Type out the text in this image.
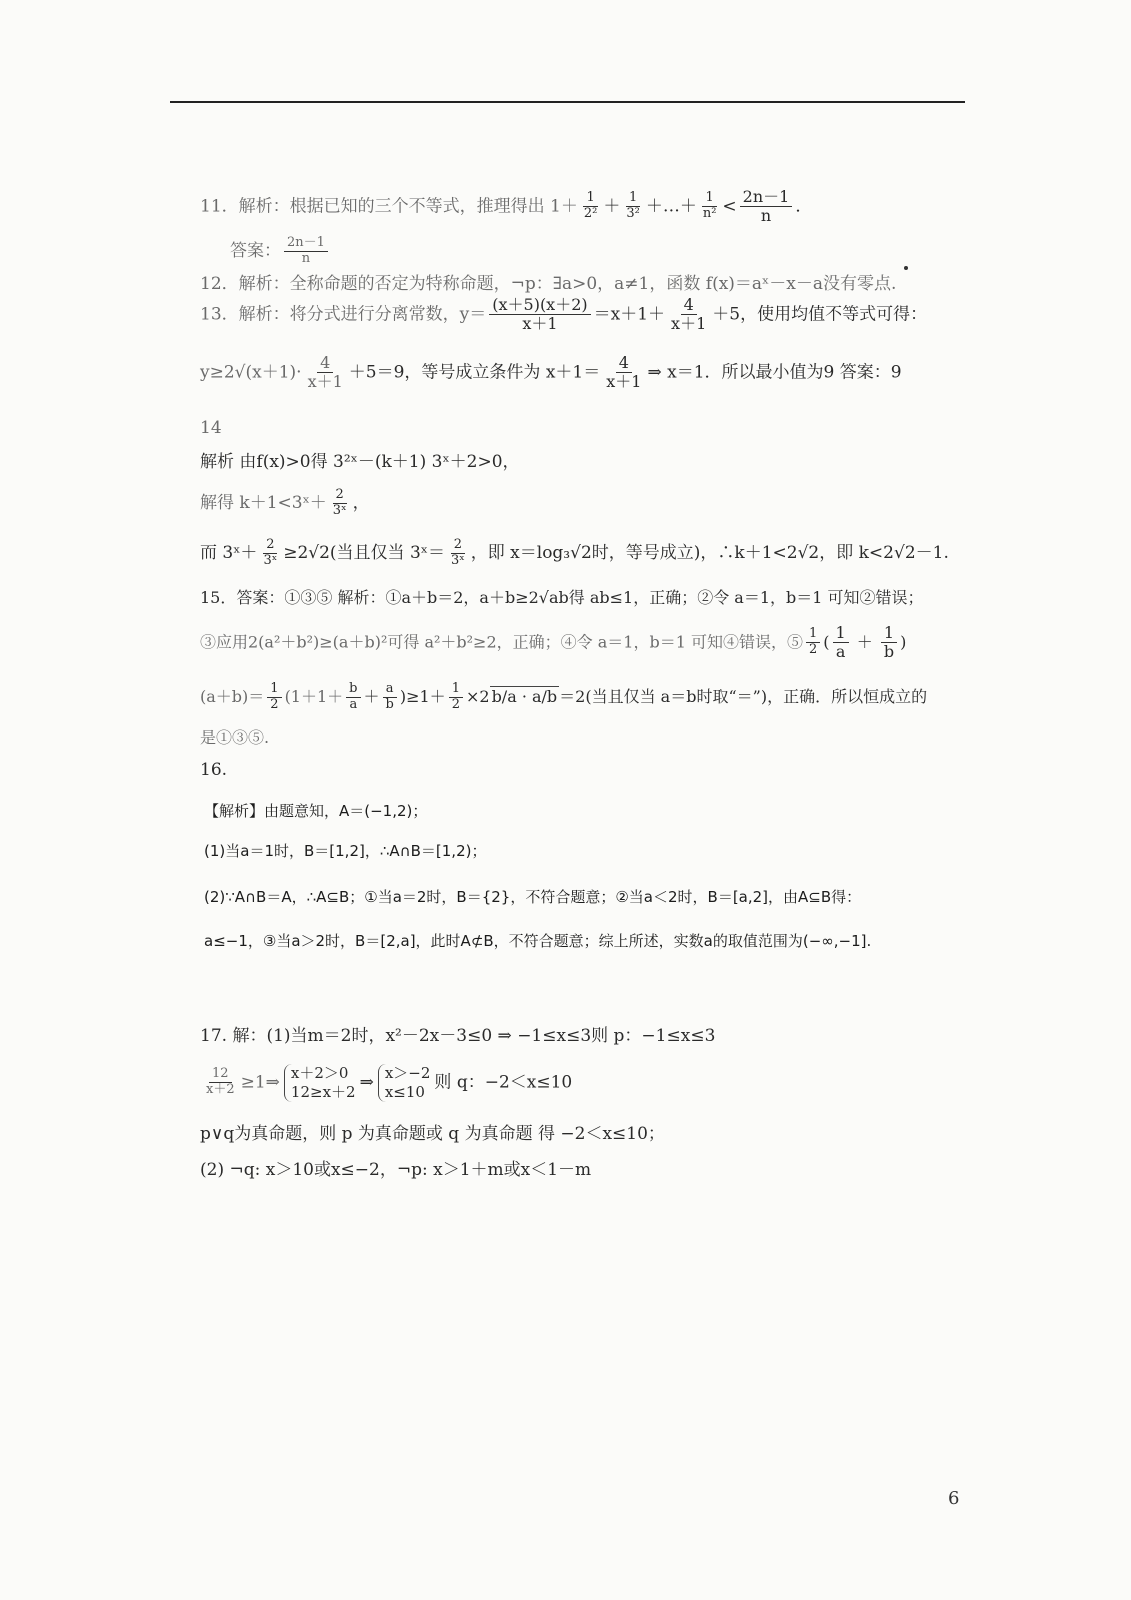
11．解析：根据已知的三个不等式，推理得出 $1+ \frac{1}{\text{2²}} + \frac{1}{\text{3²}}$ ＋…＋ $\frac{1}{\text{n²}} < \frac{2n-1}{n}$ ．
答案： $\frac{2n-1}{n}$
12．解析：全称命题的否定为特称命题，¬p：∃a>0，a≠1，函数 f(x)＝aˣ－x－a没有零点.
13．解析：将分式进行分离常数，$y= \frac{(x+5)(x+2)}{x+1} =x+1+ \frac{4}{x+1} +5$，使用均值不等式可得：
$y\ge 2√(x+1)\cdot \frac{4}{x+1} +5=9$，等号成立条件为 $x+1= \frac{4}{x+1}$ ⇒ x＝1．所以最小值为9 答案：9
14
解析 由f(x)>0得 3²ˣ－(k＋1) 3ˣ＋2>0，
解得 k＋1<3ˣ＋ $\frac{2}{\text{3ˣ}}$ ，
而 3ˣ＋ $\frac{2}{\text{3ˣ}} \ge 2√2$(当且仅当 3ˣ＝ $\frac{2}{\text{3ˣ}}$ ，即 x＝log₃√2时，等号成立)，∴k＋1<2√2，即 k<2√2－1.
15．答案：①③⑤ 解析：①a＋b＝2，a＋b≥2√ab得 ab≤1，正确；②令 a＝1，b＝1 可知②错误；
③应用2(a²＋b²)≥(a＋b)²可得 a²＋b²≥2，正确；④令 a＝1，b＝1 可知④错误，⑤ $\frac{1}{2}$ ( $\frac{1}{a} + \frac{1}{b}$ )
$(a+b)= \frac{1}{2} (1+1+ \frac{b}{a} + \frac{a}{b} )\ge 1+ \frac{1}{2} \times 2$ b/a · a/b ＝2(当且仅当 a＝b时取“＝”)，正确．所以恒成立的
是①③⑤.
16.
【解析】由题意知，A＝(−1,2)；
(1)当a＝1时，B＝[1,2]，∴A∩B＝[1,2)；
(2)∵A∩B＝A，∴A⊆B；①当a＝2时，B＝{2}，不符合题意；②当a＜2时，B＝[a,2]，由A⊆B得：
a≤−1，③当a＞2时，B＝[2,a]，此时A⊄B，不符合题意；综上所述，实数a的取值范围为(−∞,−1].
17. 解：(1)当m＝2时，x²－2x－3≤0 ⇒ −1≤x≤3则 p：−1≤x≤3
$\frac{12}{x+2}$ ≥1⇒ x＋2＞0
12≥x＋2 ⇒ x＞−2
x≤10 则 q：−2＜x≤10
p∨q为真命题，则 p 为真命题或 q 为真命题 得 −2＜x≤10；
(2) ¬q: x＞10或x≤−2，¬p: x＞1＋m或x＜1－m
6
